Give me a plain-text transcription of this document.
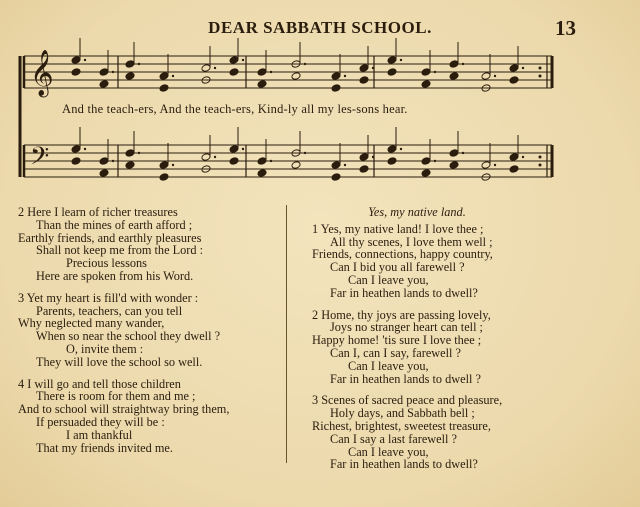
DEAR SABBATH SCHOOL.	13
𝄞
𝄢
And the teach-ers, And the teach-ers, Kind-ly all my les-sons hear.
2 Here I learn of richer treasures
Than the mines of earth afford ;
Earthly friends, and earthly pleasures
Shall not keep me from the Lord :
Precious lessons
Here are spoken from his Word.
3 Yet my heart is fill'd with wonder :
Parents, teachers, can you tell
Why neglected many wander,
When so near the school they dwell ?
O, invite them :
They will love the school so well.
4 I will go and tell those children
There is room for them and me ;
And to school will straightway bring them,
If persuaded they will be :
I am thankful
That my friends invited me.
Yes, my native land.
1 Yes, my native land! I love thee ;
All thy scenes, I love them well ;
Friends, connections, happy country,
Can I bid you all farewell ?
Can I leave you,
Far in heathen lands to dwell?
2 Home, thy joys are passing lovely,
Joys no stranger heart can tell ;
Happy home! 'tis sure I love thee ;
Can I, can I say, farewell ?
Can I leave you,
Far in heathen lands to dwell ?
3 Scenes of sacred peace and pleasure,
Holy days, and Sabbath bell ;
Richest, brightest, sweetest treasure,
Can I say a last farewell ?
Can I leave you,
Far in heathen lands to dwell?
